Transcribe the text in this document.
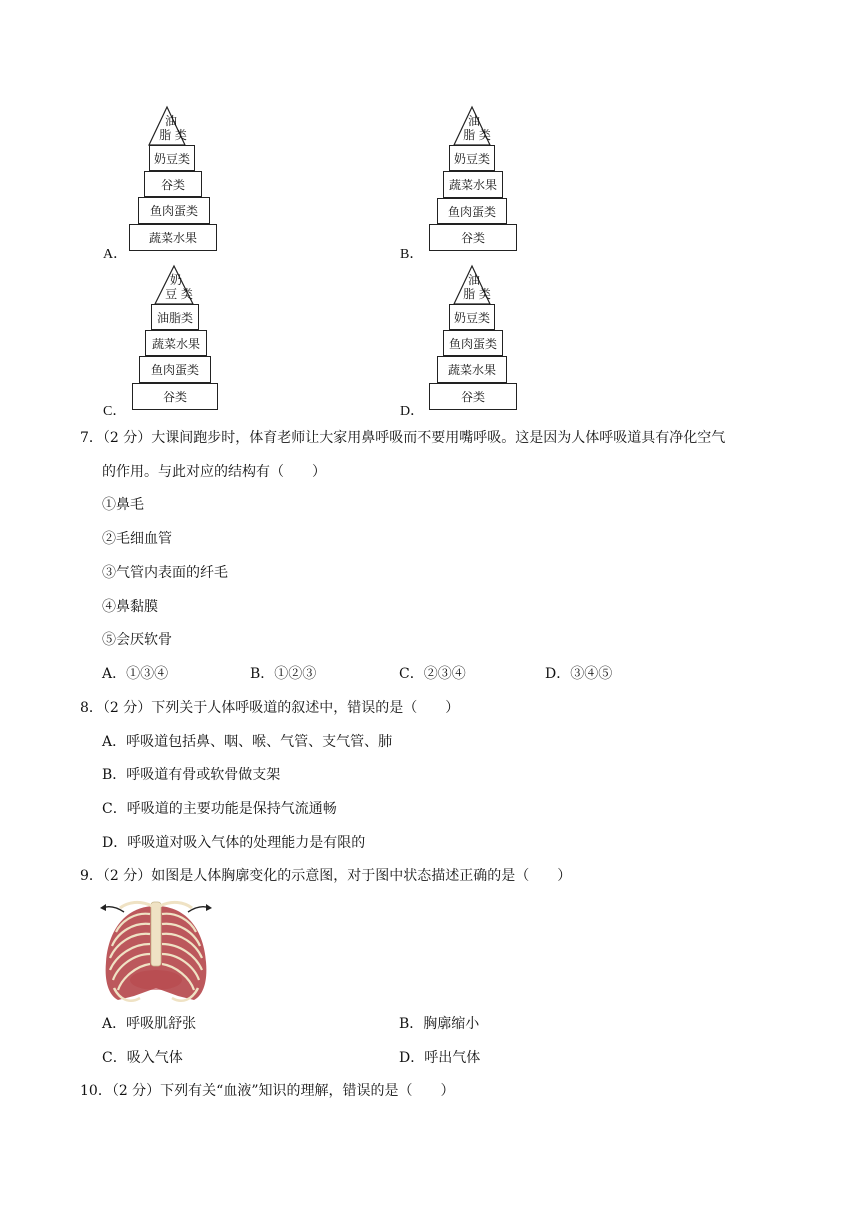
油
脂 类
奶豆类
谷类
鱼肉蛋类
蔬菜水果
A．
油
脂 类
奶豆类
蔬菜水果
鱼肉蛋类
谷类
B．
奶
豆 类
油脂类
蔬菜水果
鱼肉蛋类
谷类
C．
油
脂 类
奶豆类
鱼肉蛋类
蔬菜水果
谷类
D．
7．（2 分）大课间跑步时，体育老师让大家用鼻呼吸而不要用嘴呼吸。这是因为人体呼吸道具有净化空气
的作用。与此对应的结构有（　　）
①鼻毛
②毛细血管
③气管内表面的纤毛
④鼻黏膜
⑤会厌软骨
A．①③④	B．①②③	C．②③④	D．③④⑤
8．（2 分）下列关于人体呼吸道的叙述中，错误的是（　　）
A．呼吸道包括鼻、咽、喉、气管、支气管、肺
B．呼吸道有骨或软骨做支架
C．呼吸道的主要功能是保持气流通畅
D．呼吸道对吸入气体的处理能力是有限的
9．（2 分）如图是人体胸廓变化的示意图，对于图中状态描述正确的是（　　）
A．呼吸肌舒张	B．胸廓缩小
C．吸入气体	D．呼出气体
10．（2 分）下列有关“血液”知识的理解，错误的是（　　）
